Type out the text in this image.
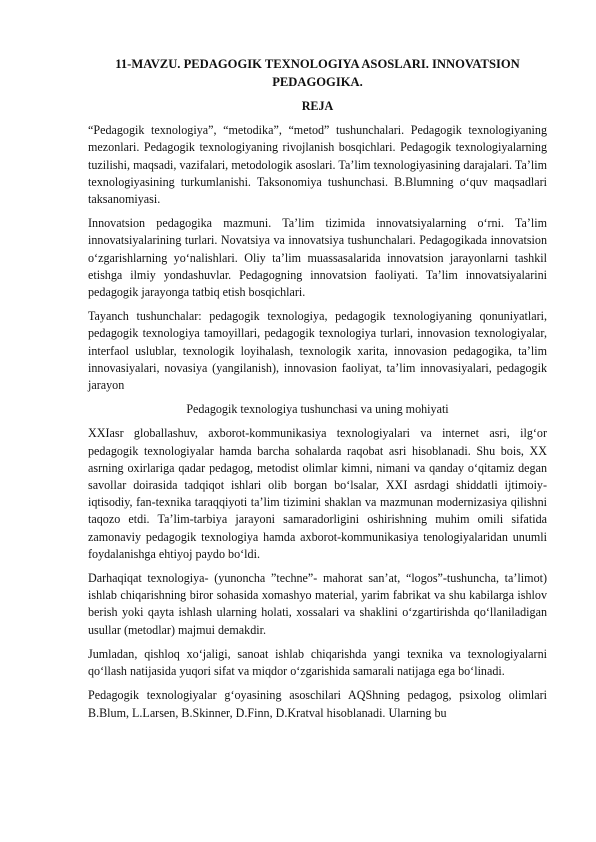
11-MAVZU. PEDAGOGIK TEXNOLOGIYA ASOSLARI. INNOVATSION PEDAGOGIKA.
REJA
“Pedagogik texnologiya”, “metodika”, “metod” tushunchalari. Pedagogik texnologiyaning mezonlari. Pedagogik texnologiyaning rivojlanish bosqichlari. Pedagogik texnologiyalarning tuzilishi, maqsadi, vazifalari, metodologik asoslari. Ta’lim texnologiyasining darajalari. Ta’lim texnologiyasining turkumlanishi. Taksonomiya tushunchasi. B.Blumning o‘quv maqsadlari taksanomiyasi.
Innovatsion pedagogika mazmuni. Ta’lim tizimida innovatsiyalarning o‘rni. Ta’lim innovatsiyalarining turlari. Novatsiya va innovatsiya tushunchalari. Pedagogikada innovatsion o‘zgarishlarning yo‘nalishlari. Oliy ta’lim muassasalarida innovatsion jarayonlarni tashkil etishga ilmiy yondashuvlar. Pedagogning innovatsion faoliyati. Ta’lim innovatsiyalarini pedagogik jarayonga tatbiq etish bosqichlari.
Tayanch tushunchalar: pedagogik texnologiya, pedagogik texnologiyaning qonuniyatlari, pedagogik texnologiya tamoyillari, pedagogik texnologiya turlari, innovasion texnologiyalar, interfaol uslublar, texnologik loyihalash, texnologik xarita, innovasion pedagogika, ta’lim innovasiyalari, novasiya (yangilanish), innovasion faoliyat, ta’lim innovasiyalari, pedagogik jarayon
Pedagogik texnologiya tushunchasi va uning mohiyati
XXIasr globallashuv, axborot-kommunikasiya texnologiyalari va internet asri, ilg‘or pedagogik texnologiyalar hamda barcha sohalarda raqobat asri hisoblanadi. Shu bois, XX asrning oxirlariga qadar pedagog, metodist olimlar kimni, nimani va qanday o‘qitamiz degan savollar doirasida tadqiqot ishlari olib borgan bo‘lsalar, XXI asrdagi shiddatli ijtimoiy-iqtisodiy, fan-texnika taraqqiyoti ta’lim tizimini shaklan va mazmunan modernizasiya qilishni taqozo etdi. Ta’lim-tarbiya jarayoni samaradorligini oshirishning muhim omili sifatida zamonaviy pedagogik texnologiya hamda axborot-kommunikasiya tenologiyalaridan unumli foydalanishga ehtiyoj paydo bo‘ldi.
Darhaqiqat texnologiya- (yunoncha ”techne”- mahorat san’at, “logos”-tushuncha, ta’limot) ishlab chiqarishning biror sohasida xomashyo material, yarim fabrikat va shu kabilarga ishlov berish yoki qayta ishlash ularning holati, xossalari va shaklini o‘zgartirishda qo‘llaniladigan usullar (metodlar) majmui demakdir.
Jumladan, qishloq xo‘jaligi, sanoat ishlab chiqarishda yangi texnika va texnologiyalarni qo‘llash natijasida yuqori sifat va miqdor o‘zgarishida samarali natijaga ega bo‘linadi.
Pedagogik texnologiyalar g‘oyasining asoschilari AQShning pedagog, psixolog olimlari B.Blum, L.Larsen, B.Skinner, D.Finn, D.Kratval hisoblanadi. Ularning bu
